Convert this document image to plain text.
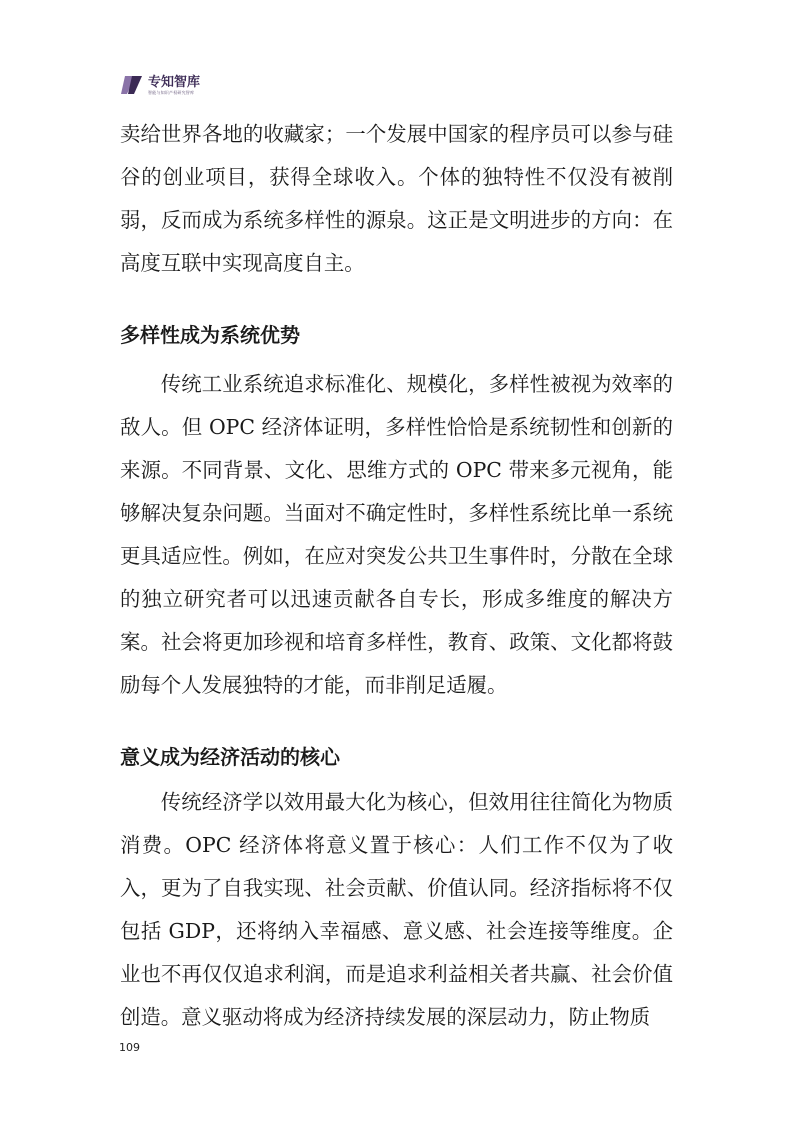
专知智库
智能与知识产权研究智库

卖给世界各地的收藏家；一个发展中国家的程序员可以参与硅谷的创业项目，获得全球收入。个体的独特性不仅没有被削弱，反而成为系统多样性的源泉。这正是文明进步的方向：在高度互联中实现高度自主。

多样性成为系统优势

传统工业系统追求标准化、规模化，多样性被视为效率的敌人。但 OPC 经济体证明，多样性恰恰是系统韧性和创新的来源。不同背景、文化、思维方式的 OPC 带来多元视角，能够解决复杂问题。当面对不确定性时，多样性系统比单一系统更具适应性。例如，在应对突发公共卫生事件时，分散在全球的独立研究者可以迅速贡献各自专长，形成多维度的解决方案。社会将更加珍视和培育多样性，教育、政策、文化都将鼓励每个人发展独特的才能，而非削足适履。

意义成为经济活动的核心

传统经济学以效用最大化为核心，但效用往往简化为物质消费。OPC 经济体将意义置于核心：人们工作不仅为了收入，更为了自我实现、社会贡献、价值认同。经济指标将不仅包括 GDP，还将纳入幸福感、意义感、社会连接等维度。企业也不再仅仅追求利润，而是追求利益相关者共赢、社会价值创造。意义驱动将成为经济持续发展的深层动力，防止物质

109
